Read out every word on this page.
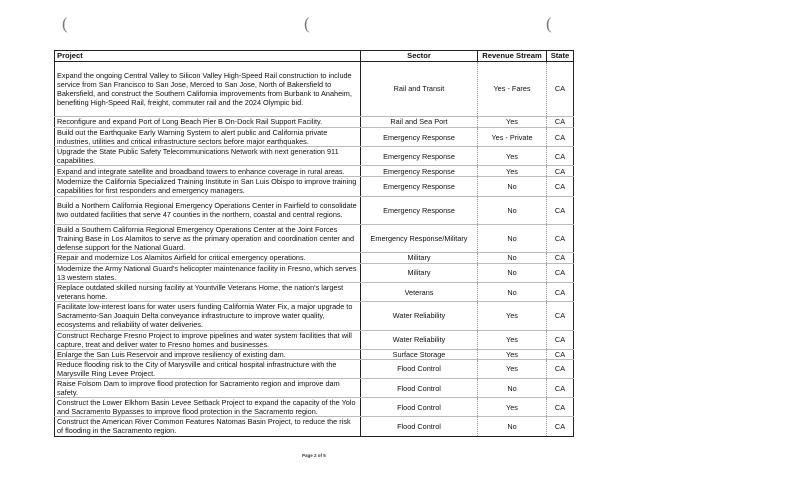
(	(	(
Project	Sector	Revenue Stream	State
Expand the ongoing Central Valley to Silicon Valley High-Speed Rail construction to include service from San Francisco to San Jose, Merced to San Jose, North of Bakersfield to Bakersfield, and construct the Southern California improvements from Burbank to Anaheim, benefiting High-Speed Rail, freight, commuter rail and the 2024 Olympic bid.	Rail and Transit	Yes - Fares	CA
Reconfigure and expand Port of Long Beach Pier B On-Dock Rail Support Facility.	Rail and Sea Port	Yes	CA
Build out the Earthquake Early Warning System to alert public and California private industries, utilities and critical infrastructure sectors before major earthquakes.	Emergency Response	Yes - Private	CA
Upgrade the State Public Safety Telecommunications Network with next generation 911 capabilities.	Emergency Response	Yes	CA
Expand and integrate satellite and broadband towers to enhance coverage in rural areas.	Emergency Response	Yes	CA
Modernize the California Specialized Training Institute in San Luis Obispo to improve training capabilities for first responders and emergency managers.	Emergency Response	No	CA
Build a Northern California Regional Emergency Operations Center in Fairfield to consolidate two outdated facilities that serve 47 counties in the northern, coastal and central regions.	Emergency Response	No	CA
Build a Southern California Regional Emergency Operations Center at the Joint Forces Training Base in Los Alamitos to serve as the primary operation and coordination center and defense support for the National Guard.	Emergency Response/Military	No	CA
Repair and modernize Los Alamitos Airfield for critical emergency operations.	Military	No	CA
Modernize the Army National Guard's helicopter maintenance facility in Fresno, which serves 13 western states.	Military	No	CA
Replace outdated skilled nursing facility at Yountville Veterans Home, the nation's largest veterans home.	Veterans	No	CA
Facilitate low-interest loans for water users funding California Water Fix, a major upgrade to Sacramento-San Joaquin Delta conveyance infrastructure to improve water quality, ecosystems and reliability of water deliveries.	Water Reliability	Yes	CA
Construct Recharge Fresno Project to improve pipelines and water system facilities that will capture, treat and deliver water to Fresno homes and businesses.	Water Reliability	Yes	CA
Enlarge the San Luis Reservoir and improve resiliency of existing dam.	Surface Storage	Yes	CA
Reduce flooding risk to the City of Marysville and critical hospital infrastructure with the Marysville Ring Levee Project.	Flood Control	Yes	CA
Raise Folsom Dam to improve flood protection for Sacramento region and improve dam safety.	Flood Control	No	CA
Construct the Lower Elkhorn Basin Levee Setback Project to expand the capacity of the Yolo and Sacramento Bypasses to improve flood protection in the Sacramento region.	Flood Control	Yes	CA
Construct the American River Common Features Natomas Basin Project, to reduce the risk of flooding in the Sacramento region.	Flood Control	No	CA
Page 2 of 5
